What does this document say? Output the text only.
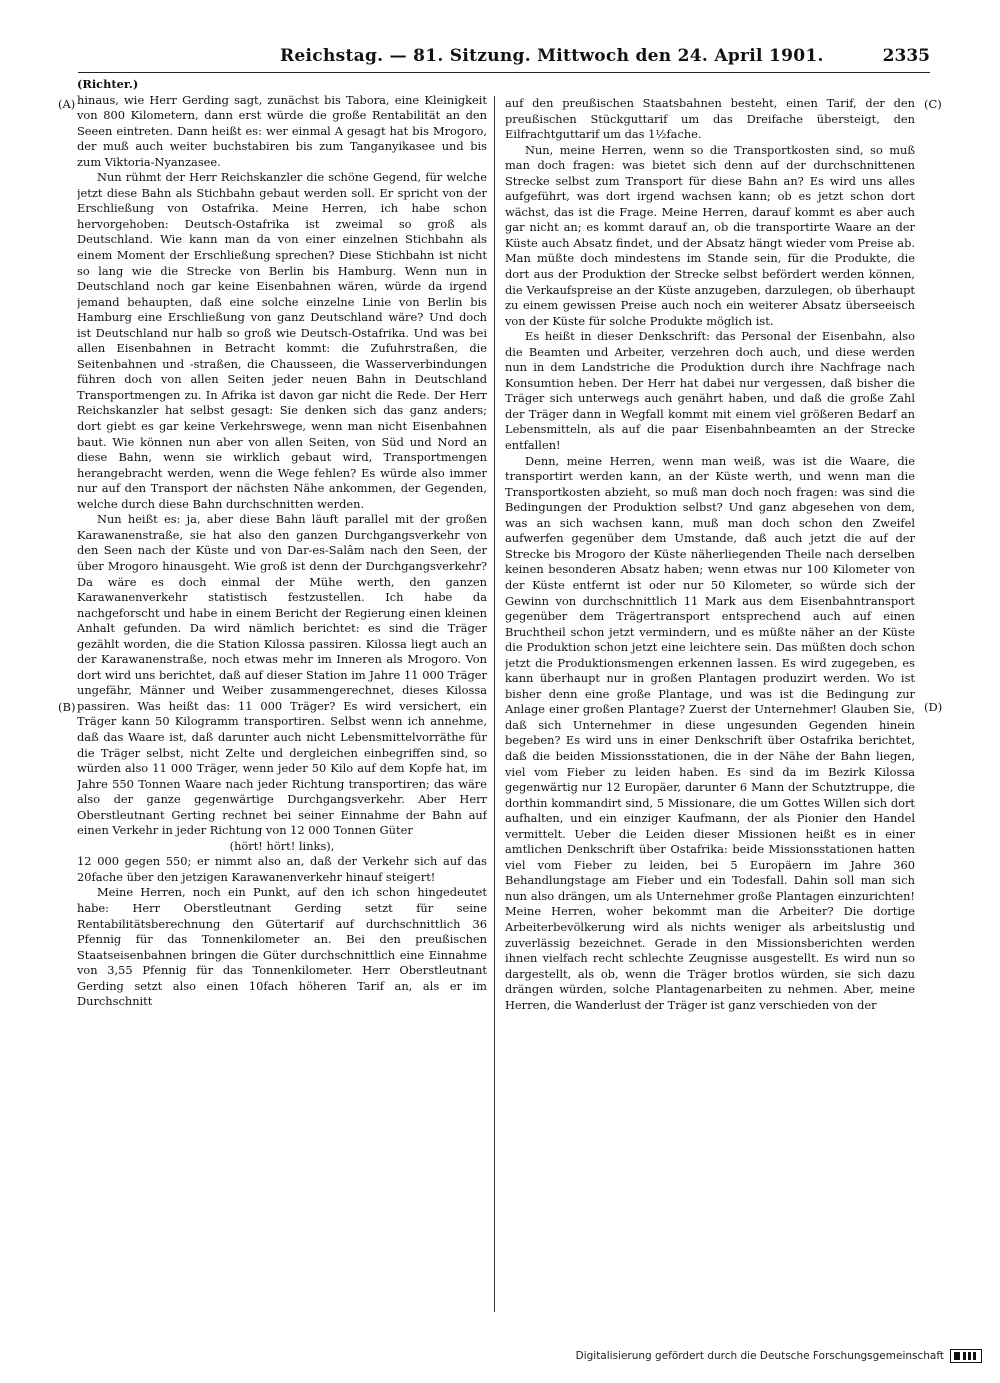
Reichstag. — 81. Sitzung. Mittwoch den 24. April 1901.	2335
(A)
(B)
(C)
(D)

(Richter.)

hinaus, wie Herr Gerding sagt, zunächst bis Tabora, eine Kleinigkeit von 800 Kilometern, dann erst würde die große Rentabilität an den Seeen eintreten. Dann heißt es: wer einmal A gesagt hat bis Mrogoro, der muß auch weiter buchstabiren bis zum Tanganyikasee und bis zum Viktoria-Nyanzasee.

Nun rühmt der Herr Reichskanzler die schöne Gegend, für welche jetzt diese Bahn als Stichbahn gebaut werden soll. Er spricht von der Erschließung von Ostafrika. Meine Herren, ich habe schon hervorgehoben: Deutsch-Ostafrika ist zweimal so groß als Deutschland. Wie kann man da von einer einzelnen Stichbahn als einem Moment der Erschließung sprechen? Diese Stichbahn ist nicht so lang wie die Strecke von Berlin bis Hamburg. Wenn nun in Deutschland noch gar keine Eisenbahnen wären, würde da irgend jemand behaupten, daß eine solche einzelne Linie von Berlin bis Hamburg eine Erschließung von ganz Deutschland wäre? Und doch ist Deutschland nur halb so groß wie Deutsch-Ostafrika. Und was bei allen Eisenbahnen in Betracht kommt: die Zufuhrstraßen, die Seitenbahnen und -straßen, die Chausseen, die Wasserverbindungen führen doch von allen Seiten jeder neuen Bahn in Deutschland Transportmengen zu. In Afrika ist davon gar nicht die Rede. Der Herr Reichskanzler hat selbst gesagt: Sie denken sich das ganz anders; dort giebt es gar keine Verkehrswege, wenn man nicht Eisenbahnen baut. Wie können nun aber von allen Seiten, von Süd und Nord an diese Bahn, wenn sie wirklich gebaut wird, Transportmengen herangebracht werden, wenn die Wege fehlen? Es würde also immer nur auf den Transport der nächsten Nähe ankommen, der Gegenden, welche durch diese Bahn durchschnitten werden.

Nun heißt es: ja, aber diese Bahn läuft parallel mit der großen Karawanenstraße, sie hat also den ganzen Durchgangsverkehr von den Seen nach der Küste und von Dar-es-Salâm nach den Seen, der über Mrogoro hinausgeht. Wie groß ist denn der Durchgangsverkehr? Da wäre es doch einmal der Mühe werth, den ganzen Karawanenverkehr statistisch festzustellen. Ich habe da nachgeforscht und habe in einem Bericht der Regierung einen kleinen Anhalt gefunden. Da wird nämlich berichtet: es sind die Träger gezählt worden, die die Station Kilossa passiren. Kilossa liegt auch an der Karawanenstraße, noch etwas mehr im Inneren als Mrogoro. Von dort wird uns berichtet, daß auf dieser Station im Jahre 11 000 Träger ungefähr, Männer und Weiber zusammengerechnet, dieses Kilossa passiren. Was heißt das: 11 000 Träger? Es wird versichert, ein Träger kann 50 Kilogramm transportiren. Selbst wenn ich annehme, daß das Waare ist, daß darunter auch nicht Lebensmittelvorräthe für die Träger selbst, nicht Zelte und dergleichen einbegriffen sind, so würden also 11 000 Träger, wenn jeder 50 Kilo auf dem Kopfe hat, im Jahre 550 Tonnen Waare nach jeder Richtung transportiren; das wäre also der ganze gegenwärtige Durchgangsverkehr. Aber Herr Oberstleutnant Gerting rechnet bei seiner Einnahme der Bahn auf einen Verkehr in jeder Richtung von 12 000 Tonnen Güter

(hört! hört! links),

12 000 gegen 550; er nimmt also an, daß der Verkehr sich auf das 20fache über den jetzigen Karawanenverkehr hinauf steigert!

Meine Herren, noch ein Punkt, auf den ich schon hingedeutet habe: Herr Oberstleutnant Gerding setzt für seine Rentabilitätsberechnung den Gütertarif auf durchschnittlich 36 Pfennig für das Tonnenkilometer an. Bei den preußischen Staatseisenbahnen bringen die Güter durchschnittlich eine Einnahme von 3,55 Pfennig für das Tonnenkilometer. Herr Oberstleutnant Gerding setzt also einen 10fach höheren Tarif an, als er im Durchschnitt

auf den preußischen Staatsbahnen besteht, einen Tarif, der den preußischen Stückguttarif um das Dreifache übersteigt, den Eilfrachtguttarif um das 1½fache.

Nun, meine Herren, wenn so die Transportkosten sind, so muß man doch fragen: was bietet sich denn auf der durchschnittenen Strecke selbst zum Transport für diese Bahn an? Es wird uns alles aufgeführt, was dort irgend wachsen kann; ob es jetzt schon dort wächst, das ist die Frage. Meine Herren, darauf kommt es aber auch gar nicht an; es kommt darauf an, ob die transportirte Waare an der Küste auch Absatz findet, und der Absatz hängt wieder vom Preise ab. Man müßte doch mindestens im Stande sein, für die Produkte, die dort aus der Produktion der Strecke selbst befördert werden können, die Verkaufspreise an der Küste anzugeben, darzulegen, ob überhaupt zu einem gewissen Preise auch noch ein weiterer Absatz überseeisch von der Küste für solche Produkte möglich ist.

Es heißt in dieser Denkschrift: das Personal der Eisenbahn, also die Beamten und Arbeiter, verzehren doch auch, und diese werden nun in dem Landstriche die Produktion durch ihre Nachfrage nach Konsumtion heben. Der Herr hat dabei nur vergessen, daß bisher die Träger sich unterwegs auch genährt haben, und daß die große Zahl der Träger dann in Wegfall kommt mit einem viel größeren Bedarf an Lebensmitteln, als auf die paar Eisenbahnbeamten an der Strecke entfallen!

Denn, meine Herren, wenn man weiß, was ist die Waare, die transportirt werden kann, an der Küste werth, und wenn man die Transportkosten abzieht, so muß man doch noch fragen: was sind die Bedingungen der Produktion selbst? Und ganz abgesehen von dem, was an sich wachsen kann, muß man doch schon den Zweifel aufwerfen gegenüber dem Umstande, daß auch jetzt die auf der Strecke bis Mrogoro der Küste näherliegenden Theile nach derselben keinen besonderen Absatz haben; wenn etwas nur 100 Kilometer von der Küste entfernt ist oder nur 50 Kilometer, so würde sich der Gewinn von durchschnittlich 11 Mark aus dem Eisenbahntransport gegenüber dem Trägertransport entsprechend auch auf einen Bruchtheil schon jetzt vermindern, und es müßte näher an der Küste die Produktion schon jetzt eine leichtere sein. Das müßten doch schon jetzt die Produktionsmengen erkennen lassen. Es wird zugegeben, es kann überhaupt nur in großen Plantagen produzirt werden. Wo ist bisher denn eine große Plantage, und was ist die Bedingung zur Anlage einer großen Plantage? Zuerst der Unternehmer! Glauben Sie, daß sich Unternehmer in diese ungesunden Gegenden hinein begeben? Es wird uns in einer Denkschrift über Ostafrika berichtet, daß die beiden Missionsstationen, die in der Nähe der Bahn liegen, viel vom Fieber zu leiden haben. Es sind da im Bezirk Kilossa gegenwärtig nur 12 Europäer, darunter 6 Mann der Schutztruppe, die dorthin kommandirt sind, 5 Missionare, die um Gottes Willen sich dort aufhalten, und ein einziger Kaufmann, der als Pionier den Handel vermittelt. Ueber die Leiden dieser Missionen heißt es in einer amtlichen Denkschrift über Ostafrika: beide Missionsstationen hatten viel vom Fieber zu leiden, bei 5 Europäern im Jahre 360 Behandlungstage am Fieber und ein Todesfall. Dahin soll man sich nun also drängen, um als Unternehmer große Plantagen einzurichten! Meine Herren, woher bekommt man die Arbeiter? Die dortige Arbeiterbevölkerung wird als nichts weniger als arbeitslustig und zuverlässig bezeichnet. Gerade in den Missionsberichten werden ihnen vielfach recht schlechte Zeugnisse ausgestellt. Es wird nun so dargestellt, als ob, wenn die Träger brotlos würden, sie sich dazu drängen würden, solche Plantagenarbeiten zu nehmen. Aber, meine Herren, die Wanderlust der Träger ist ganz verschieden von der

Digitalisierung gefördert durch die Deutsche Forschungsgemeinschaft
